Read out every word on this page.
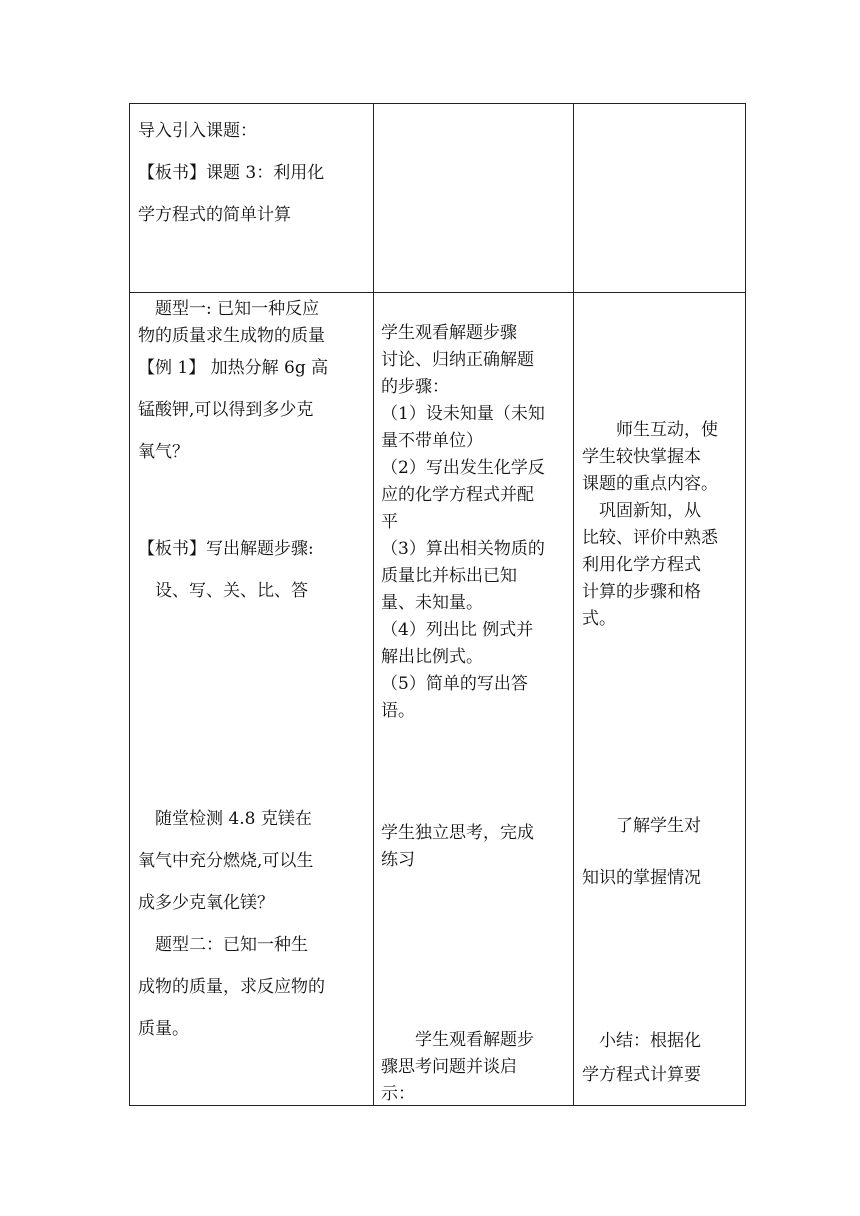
导入引入课题：

【板书】课题 3：利用化

学方程式的简单计算

　题型一: 已知一种反应

物的质量求生成物的质量

【例 1】 加热分解 6g 高

锰酸钾,可以得到多少克

氧气？

【板书】写出解题步骤:

　设、写、关、比、答

　随堂检测 4.8 克镁在

氧气中充分燃烧,可以生

成多少克氧化镁？

　题型二：已知一种生

成物的质量，求反应物的

质量。

学生观看解题步骤

讨论、归纳正确解题

的步骤：

（1）设未知量（未知

量不带单位）

（2）写出发生化学反

应的化学方程式并配

平

（3）算出相关物质的

质量比并标出已知

量、未知量。

（4）列出比 例式并

解出比例式。

（5）简单的写出答

语。

学生独立思考，完成

练习

　　学生观看解题步

骤思考问题并谈启

示：

　　师生互动，使

学生较快掌握本

课题的重点内容。

　巩固新知，从

比较、评价中熟悉

利用化学方程式

计算的步骤和格

式。

　　了解学生对

知识的掌握情况

　小结：根据化

学方程式计算要
